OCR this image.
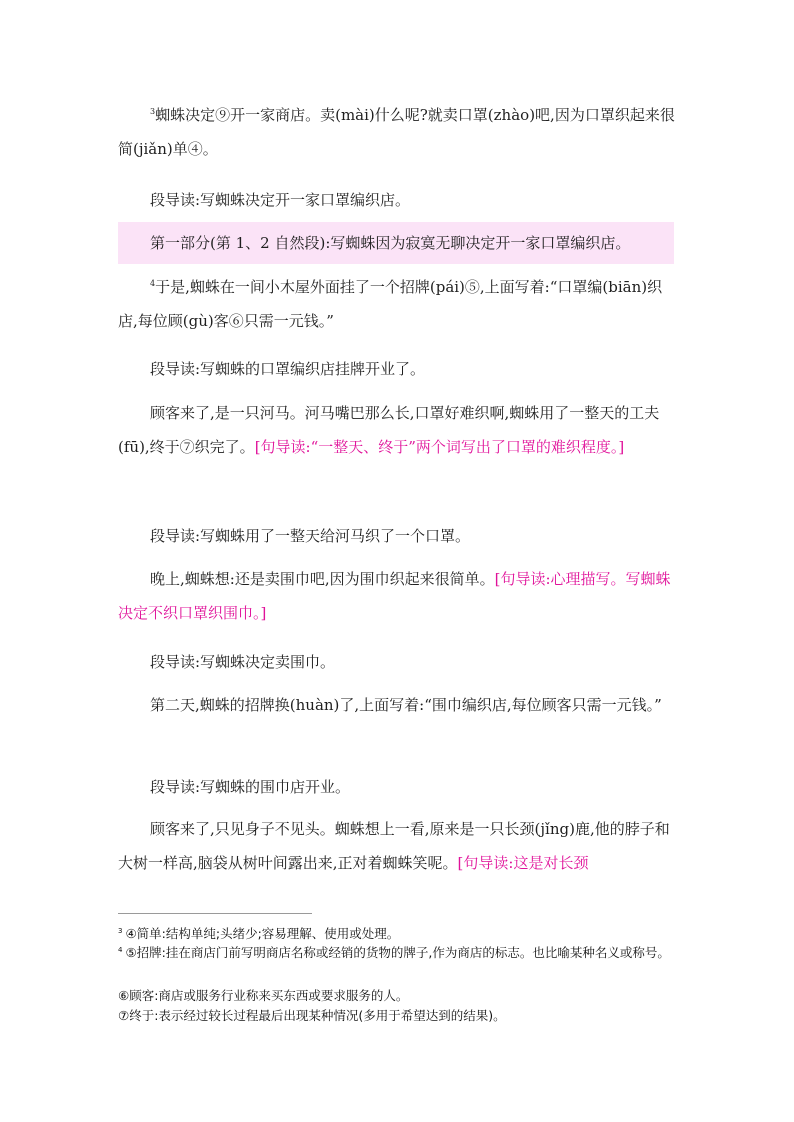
$^3$蜘蛛决定⑨开一家商店。卖(mài)什么呢?就卖口罩(zhào)吧,因为口罩织起来很简(jiǎn)单④。

段导读:写蜘蛛决定开一家口罩编织店。

第一部分(第 1、2 自然段):写蜘蛛因为寂寞无聊决定开一家口罩编织店。

$^4$于是,蜘蛛在一间小木屋外面挂了一个招牌(pái)⑤,上面写着:“口罩编(biān)织店,每位顾(gù)客⑥只需一元钱。”

段导读:写蜘蛛的口罩编织店挂牌开业了。

顾客来了,是一只河马。河马嘴巴那么长,口罩好难织啊,蜘蛛用了一整天的工夫(fū),终于⑦织完了。[句导读:“一整天、终于”两个词写出了口罩的难织程度。]

段导读:写蜘蛛用了一整天给河马织了一个口罩。

晚上,蜘蛛想:还是卖围巾吧,因为围巾织起来很简单。[句导读:心理描写。写蜘蛛决定不织口罩织围巾。]

段导读:写蜘蛛决定卖围巾。

第二天,蜘蛛的招牌换(huàn)了,上面写着:“围巾编织店,每位顾客只需一元钱。”

段导读:写蜘蛛的围巾店开业。

顾客来了,只见身子不见头。蜘蛛想上一看,原来是一只长颈(jǐng)鹿,他的脖子和大树一样高,脑袋从树叶间露出来,正对着蜘蛛笑呢。[句导读:这是对长颈

$^3$ ④简单:结构单纯;头绪少;容易理解、使用或处理。

$^4$ ⑤招牌:挂在商店门前写明商店名称或经销的货物的牌子,作为商店的标志。也比喻某种名义或称号。

⑥顾客:商店或服务行业称来买东西或要求服务的人。

⑦终于:表示经过较长过程最后出现某种情况(多用于希望达到的结果)。
